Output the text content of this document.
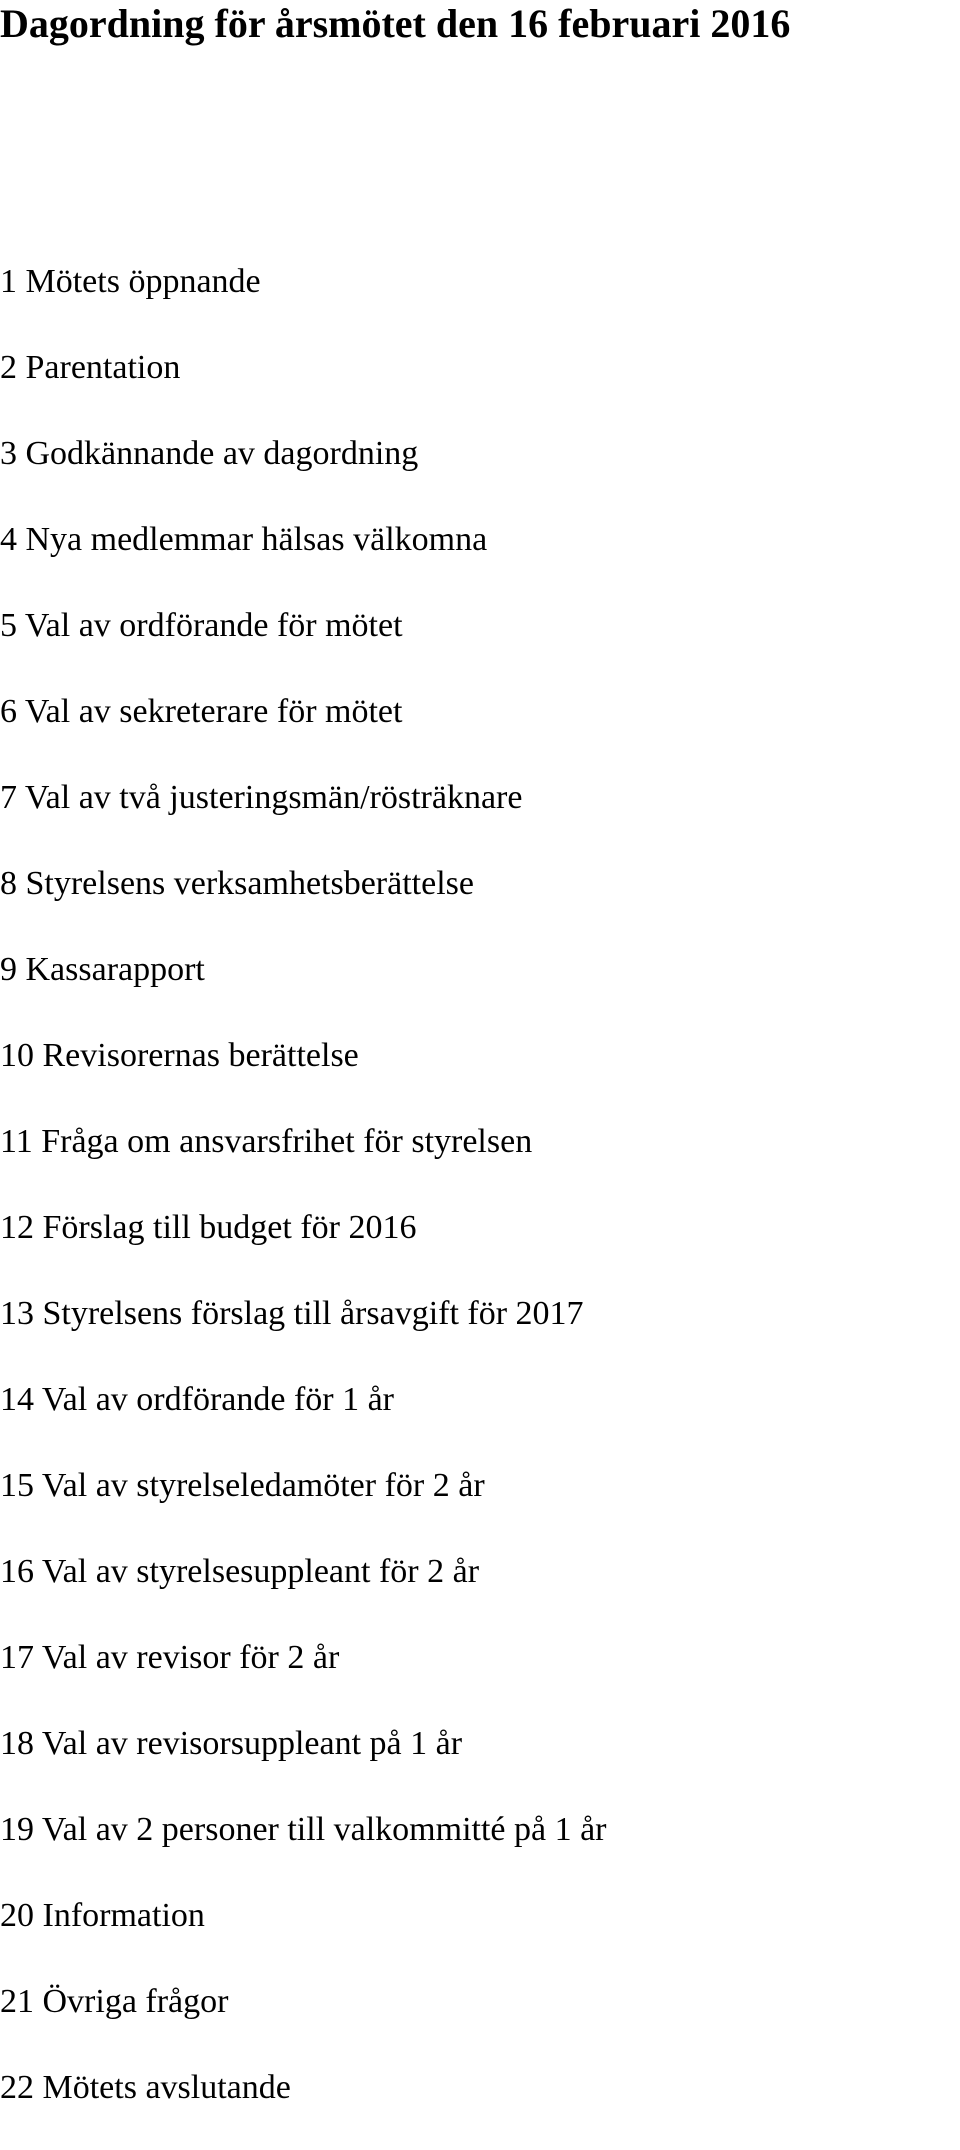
Dagordning för årsmötet den 16 februari 2016
1 Mötets öppnande
2 Parentation
3 Godkännande av dagordning
4 Nya medlemmar hälsas välkomna
5 Val av ordförande för mötet
6 Val av sekreterare för mötet
7 Val av två justeringsmän/rösträknare
8 Styrelsens verksamhetsberättelse
9 Kassarapport
10 Revisorernas berättelse
11 Fråga om ansvarsfrihet för styrelsen
12 Förslag till budget för 2016
13 Styrelsens förslag till årsavgift för 2017
14 Val av ordförande för 1 år
15 Val av styrelseledamöter för 2 år
16 Val av styrelsesuppleant för 2 år
17 Val av revisor för 2 år
18 Val av revisorsuppleant på 1 år
19 Val av 2 personer till valkommitté på 1 år
20 Information
21 Övriga frågor
22 Mötets avslutande
